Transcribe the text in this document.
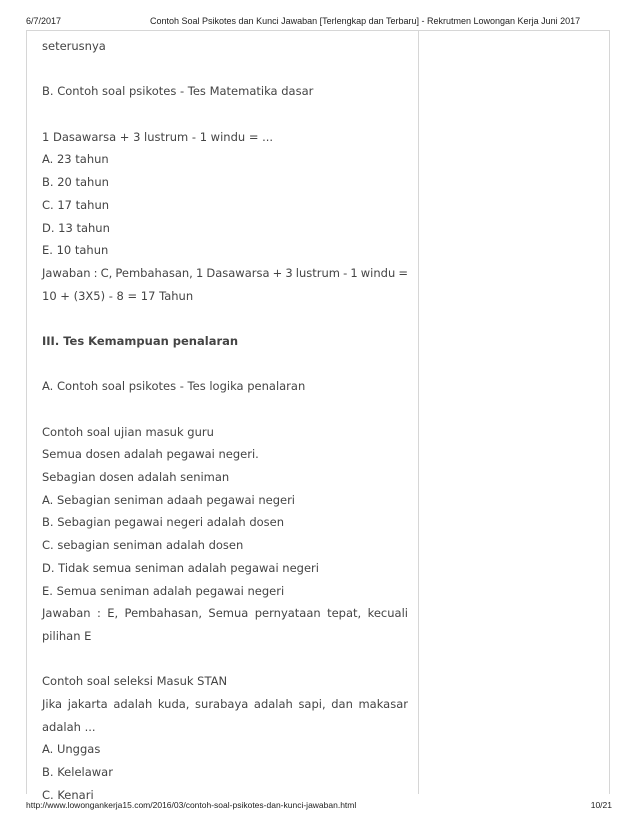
6/7/2017	Contoh Soal Psikotes dan Kunci Jawaban [Terlengkap dan Terbaru] - Rekrutmen Lowongan Kerja Juni 2017
seterusnya
B. Contoh soal psikotes - Tes Matematika dasar
1 Dasawarsa + 3 lustrum - 1 windu = ...
A. 23 tahun
B. 20 tahun
C. 17 tahun
D. 13 tahun
E. 10 tahun
Jawaban : C, Pembahasan, 1 Dasawarsa + 3 lustrum - 1 windu =
10 + (3X5) - 8 = 17 Tahun
III. Tes Kemampuan penalaran
A. Contoh soal psikotes - Tes logika penalaran
Contoh soal ujian masuk guru
Semua dosen adalah pegawai negeri.
Sebagian dosen adalah seniman
A. Sebagian seniman adaah pegawai negeri
B. Sebagian pegawai negeri adalah dosen
C. sebagian seniman adalah dosen
D. Tidak semua seniman adalah pegawai negeri
E. Semua seniman adalah pegawai negeri
Jawaban : E, Pembahasan, Semua pernyataan tepat, kecuali
pilihan E
Contoh soal seleksi Masuk STAN
Jika jakarta adalah kuda, surabaya adalah sapi, dan makasar
adalah ...
A. Unggas
B. Kelelawar
C. Kenari
http://www.lowongankerja15.com/2016/03/contoh-soal-psikotes-dan-kunci-jawaban.html	10/21
